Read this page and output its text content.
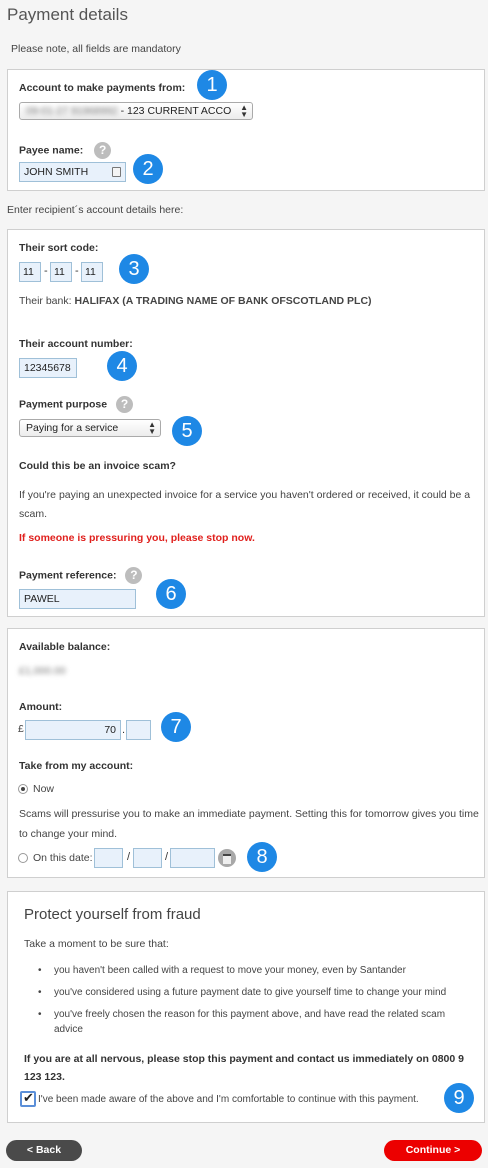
Payment details
Please note, all fields are mandatory
Account to make payments from:
09-01-27 91968992 - 123 CURRENT ACCO ▲
▼
Payee name: ?
JOHN SMITH
Enter recipient´s account details here:
Their sort code:
11 - 11 - 11
Their bank: HALIFAX (A TRADING NAME OF BANK OFSCOTLAND PLC)
Their account number:
12345678
Payment purpose ?
Paying for a service	▲
▼
Could this be an invoice scam?
If you're paying an unexpected invoice for a service you haven't ordered or received, it could be a scam.
If someone is pressuring you, please stop now.
Payment reference: ?
PAWEL
Available balance:
£1,000.00
Amount:
£	70 .
Take from my account:
Now
Scams will pressurise you to make an immediate payment. Setting this for tomorrow gives you time
to change your mind.
On this date:	/	/
Protect yourself from fraud
Take a moment to be sure that:
• you haven't been called with a request to move your money, even by Santander
• you've considered using a future payment date to give yourself time to change your mind
• you've freely chosen the reason for this payment above, and have read the related scam advice
If you are at all nervous, please stop this payment and contact us immediately on 0800 9 123 123.
✔ I've been made aware of the above and I'm comfortable to continue with this payment.
1
2
3
4
5
6
7
8
9
< Back	Continue >
